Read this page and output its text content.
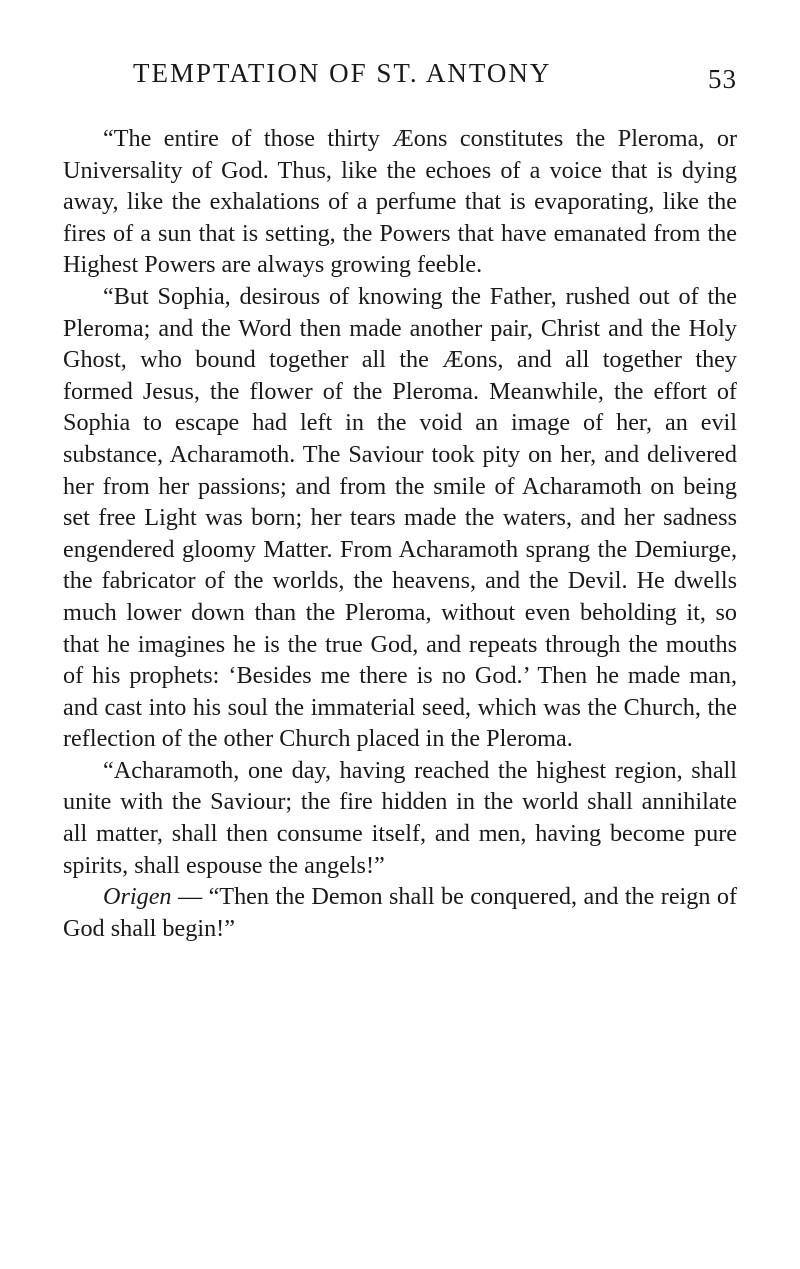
TEMPTATION OF ST. ANTONY	53

“The entire of those thirty Æons constitutes the Pleroma, or Universality of God. Thus, like the echoes of a voice that is dying away, like the exhalations of a perfume that is evaporating, like the fires of a sun that is setting, the Powers that have emanated from the Highest Powers are always growing feeble.

“But Sophia, desirous of knowing the Father, rushed out of the Pleroma; and the Word then made another pair, Christ and the Holy Ghost, who bound together all the Æons, and all together they formed Jesus, the flower of the Pleroma. Meanwhile, the effort of Sophia to escape had left in the void an image of her, an evil substance, Acharamoth. The Saviour took pity on her, and delivered her from her passions; and from the smile of Acharamoth on being set free Light was born; her tears made the waters, and her sadness engendered gloomy Matter. From Acharamoth sprang the Demiurge, the fabricator of the worlds, the heavens, and the Devil. He dwells much lower down than the Pleroma, without even beholding it, so that he imagines he is the true God, and repeats through the mouths of his prophets: ‘Besides me there is no God.’ Then he made man, and cast into his soul the immaterial seed, which was the Church, the reflection of the other Church placed in the Pleroma.

“Acharamoth, one day, having reached the highest region, shall unite with the Saviour; the fire hidden in the world shall annihilate all matter, shall then consume itself, and men, having become pure spirits, shall espouse the angels!”

Origen — “Then the Demon shall be conquered, and the reign of God shall begin!”
